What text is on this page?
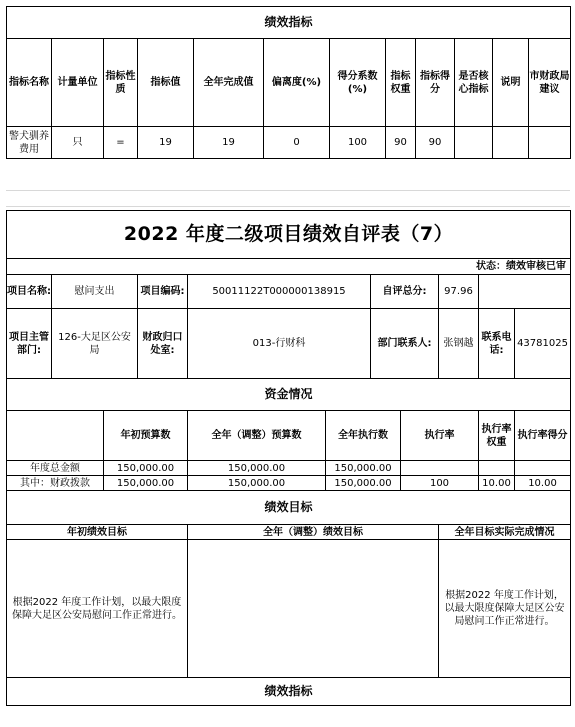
绩效指标											
指标名称	计量单位	指标性质	指标值	全年完成值	偏离度(%)	得分系数(%)	指标权重	指标得分	是否核心指标	说明	市财政局建议
警犬驯养费用	只	=	19	19	0	100	90	90			
2022 年度二级项目绩效自评表（7）										
状态：绩效审核已审										
项目名称:	慰问支出		项目编码:	50011122T000000138915		自评总分:		97.96		
项目主管部门:	126-大足区公安局		财政归口处室:	013-行财科		部门联系人:		张钢越	联系电话:	43781025
资金情况										
		年初预算数		全年（调整）预算数	全年执行数		执行率		执行率权重	执行率得分
年度总金额		150,000.00		150,000.00	150,000.00					
其中：财政拨款		150,000.00		150,000.00	150,000.00		100		10.00	10.00
绩效目标										
年初绩效目标				全年（调整）绩效目标				全年目标实际完成情况		
根据2022 年度工作计划，以最大限度保障大足区公安局慰问工作正常进行。								根据2022 年度工作计划，以最大限度保障大足区公安局慰问工作正常进行。		
绩效指标										
